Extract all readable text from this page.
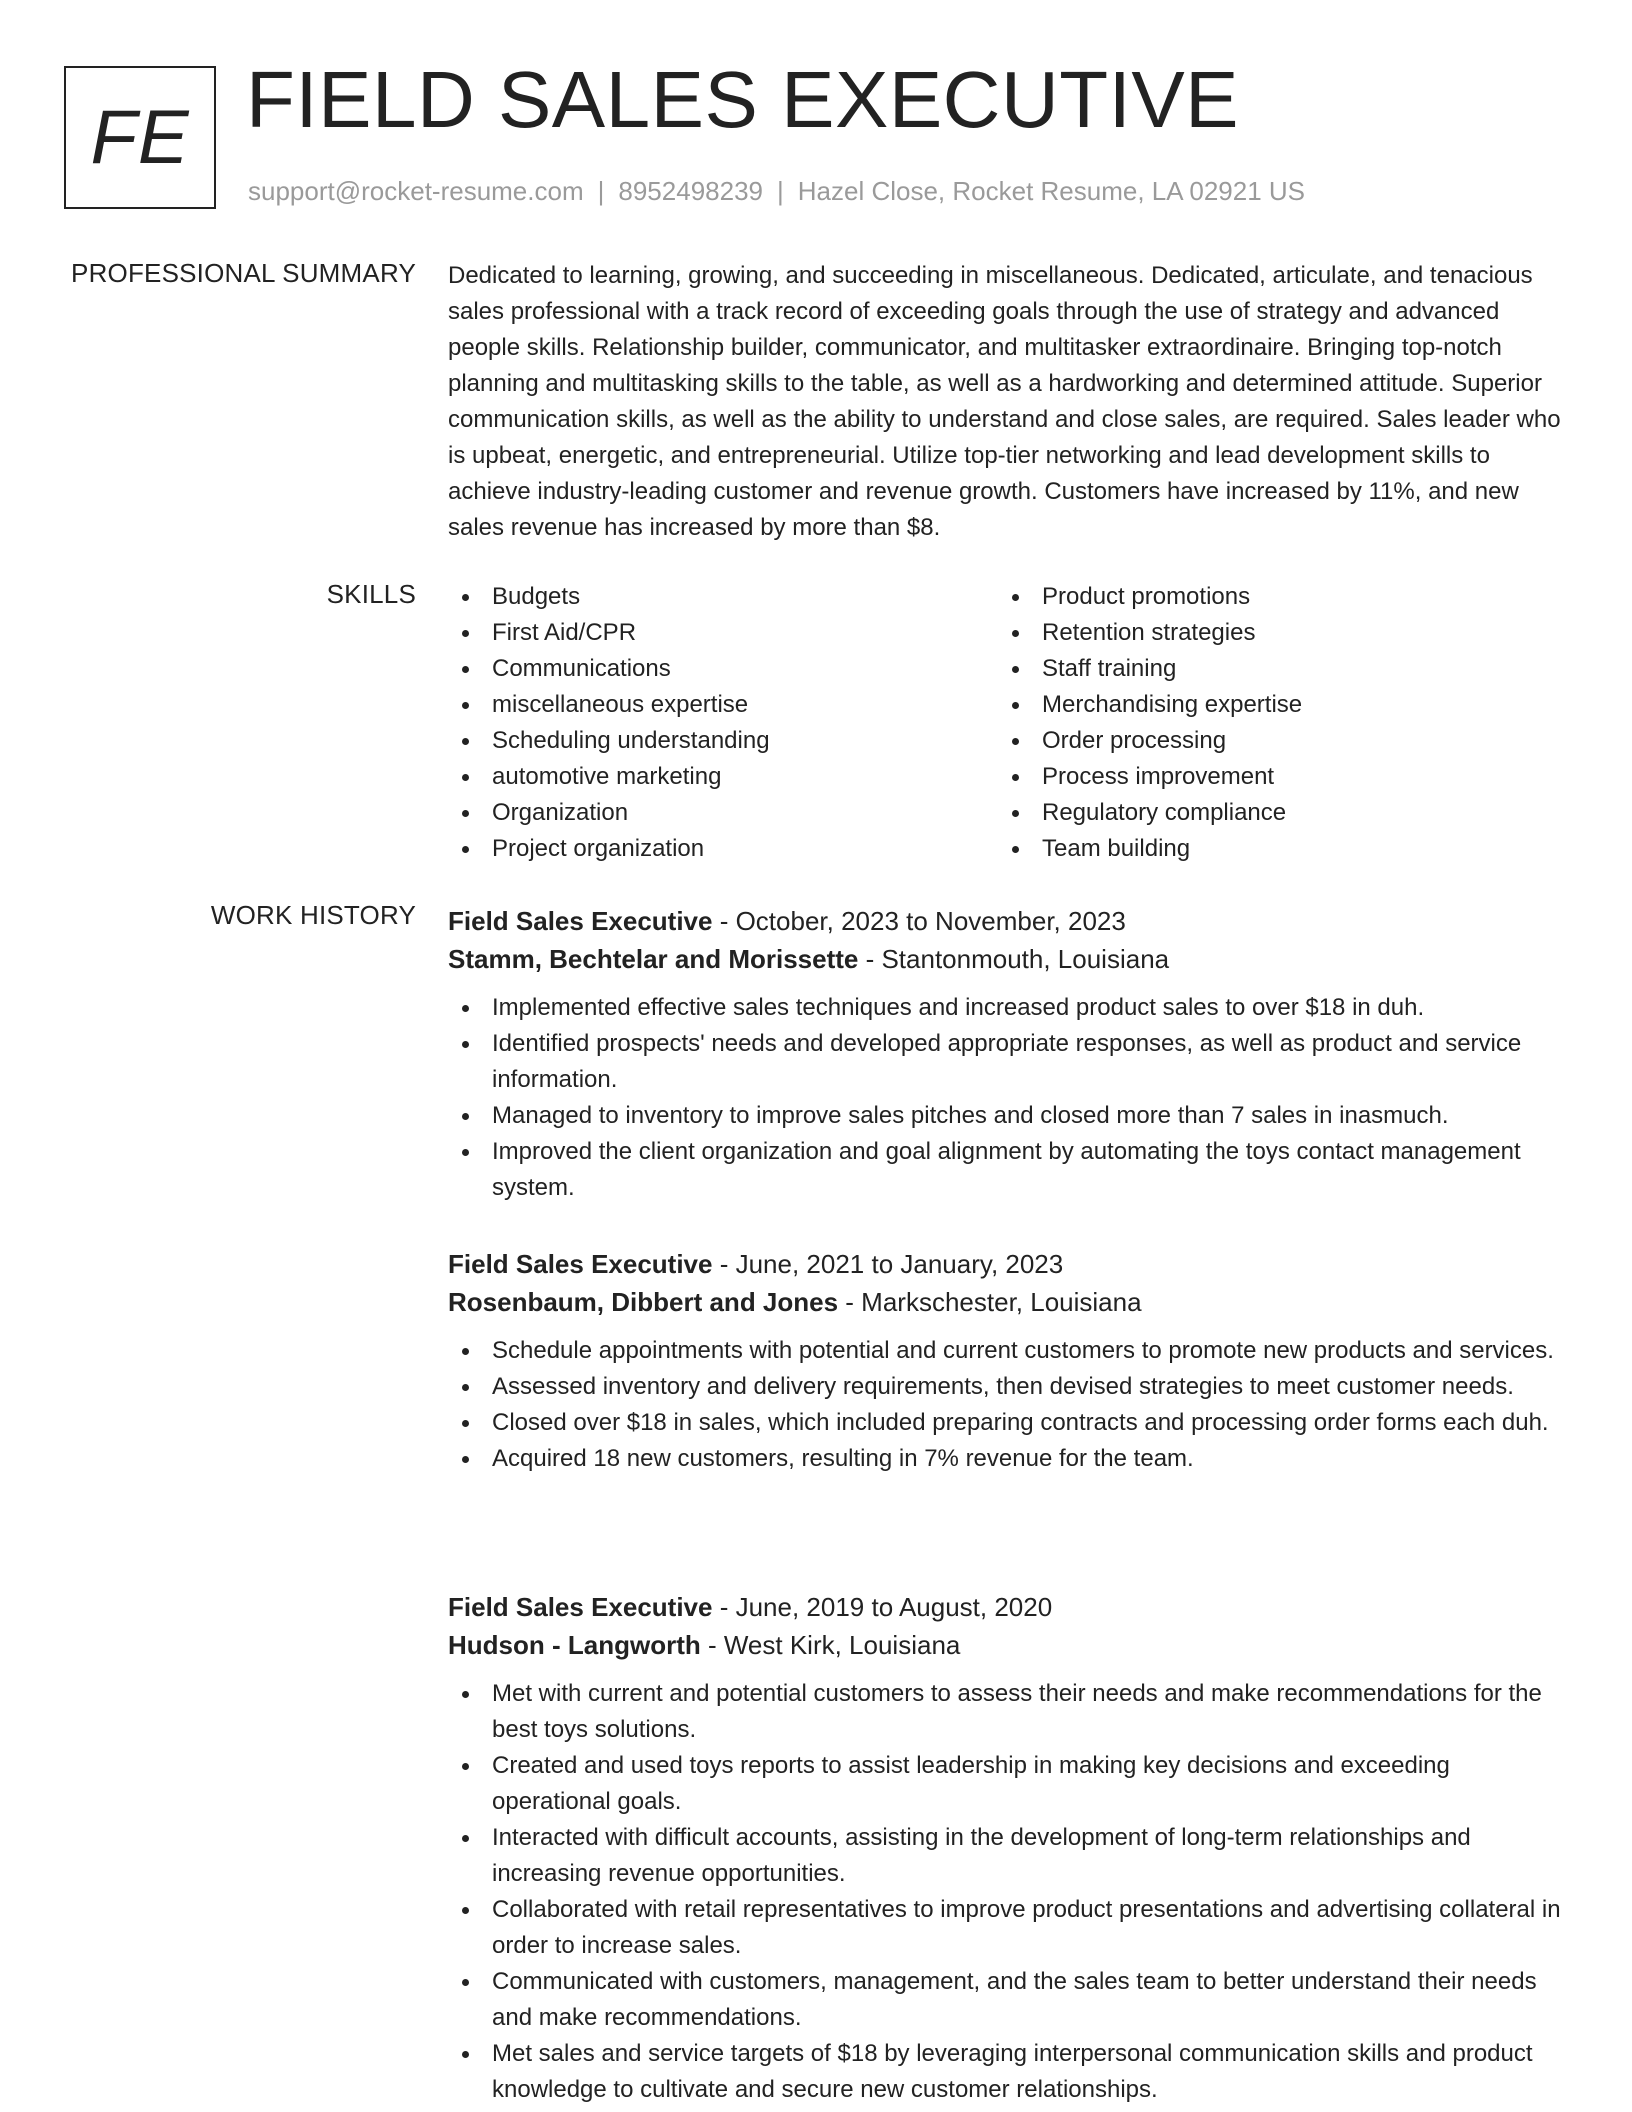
FE FIELD SALES EXECUTIVE
support@rocket-resume.com | 8952498239 | Hazel Close, Rocket Resume, LA 02921 US
PROFESSIONAL SUMMARY Dedicated to learning, growing, and succeeding in miscellaneous. Dedicated, articulate, and tenacious sales professional with a track record of exceeding goals through the use of strategy and advanced people skills. Relationship builder, communicator, and multitasker extraordinaire. Bringing top-notch planning and multitasking skills to the table, as well as a hardworking and determined attitude. Superior communication skills, as well as the ability to understand and close sales, are required. Sales leader who is upbeat, energetic, and entrepreneurial. Utilize top-tier networking and lead development skills to achieve industry-leading customer and revenue growth. Customers have increased by 11%, and new sales revenue has increased by more than $8.
SKILLS	Budgets
First Aid/CPR
Communications
miscellaneous expertise
Scheduling understanding
automotive marketing
Organization
Project organization
Product promotions
Retention strategies
Staff training
Merchandising expertise
Order processing
Process improvement
Regulatory compliance
Team building
WORK HISTORY Field Sales Executive - October, 2023 to November, 2023
Stamm, Bechtelar and Morissette - Stantonmouth, Louisiana
Implemented effective sales techniques and increased product sales to over $18 in duh.
Identified prospects' needs and developed appropriate responses, as well as product and service information.
Managed to inventory to improve sales pitches and closed more than 7 sales in inasmuch.
Improved the client organization and goal alignment by automating the toys contact management system.
Field Sales Executive - June, 2021 to January, 2023
Rosenbaum, Dibbert and Jones - Markschester, Louisiana
Schedule appointments with potential and current customers to promote new products and services.
Assessed inventory and delivery requirements, then devised strategies to meet customer needs.
Closed over $18 in sales, which included preparing contracts and processing order forms each duh.
Acquired 18 new customers, resulting in 7% revenue for the team.
Field Sales Executive - June, 2019 to August, 2020
Hudson - Langworth - West Kirk, Louisiana
Met with current and potential customers to assess their needs and make recommendations for the best toys solutions.
Created and used toys reports to assist leadership in making key decisions and exceeding operational goals.
Interacted with difficult accounts, assisting in the development of long-term relationships and increasing revenue opportunities.
Collaborated with retail representatives to improve product presentations and advertising collateral in order to increase sales.
Communicated with customers, management, and the sales team to better understand their needs and make recommendations.
Met sales and service targets of $18 by leveraging interpersonal communication skills and product knowledge to cultivate and secure new customer relationships.
